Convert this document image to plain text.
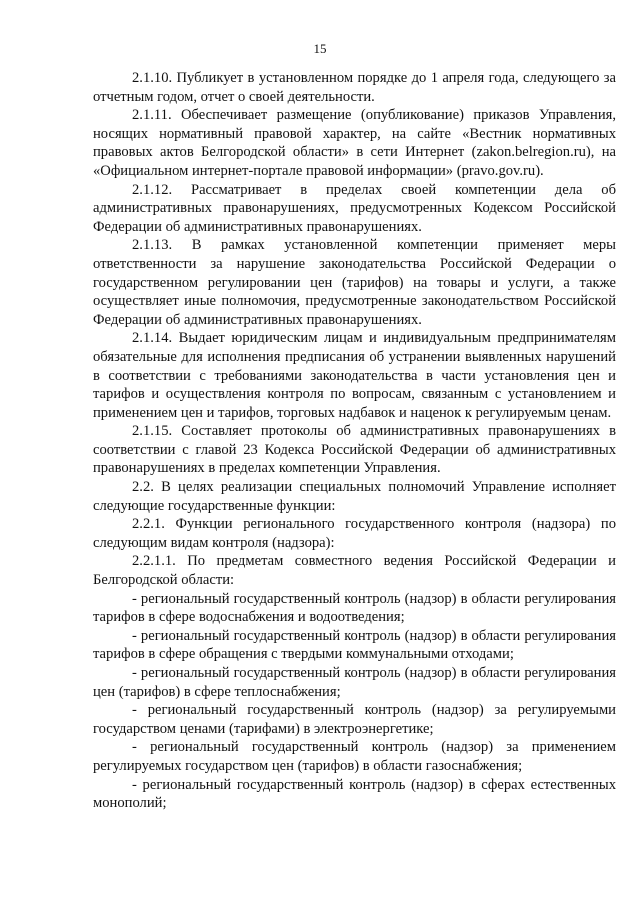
15

2.1.10. Публикует в установленном порядке до 1 апреля года, следующего за отчетным годом, отчет о своей деятельности.

2.1.11. Обеспечивает размещение (опубликование) приказов Управления, носящих нормативный правовой характер, на сайте «Вестник нормативных правовых актов Белгородской области» в сети Интернет (zakon.belregion.ru), на «Официальном интернет-портале правовой информации» (pravo.gov.ru).

2.1.12. Рассматривает в пределах своей компетенции дела об административных правонарушениях, предусмотренных Кодексом Российской Федерации об административных правонарушениях.

2.1.13. В рамках установленной компетенции применяет меры ответственности за нарушение законодательства Российской Федерации о государственном регулировании цен (тарифов) на товары и услуги, а также осуществляет иные полномочия, предусмотренные законодательством Российской Федерации об административных правонарушениях.

2.1.14. Выдает юридическим лицам и индивидуальным предпринимателям обязательные для исполнения предписания об устранении выявленных нарушений в соответствии с требованиями законодательства в части установления цен и тарифов и осуществления контроля по вопросам, связанным с установлением и применением цен и тарифов, торговых надбавок и наценок к регулируемым ценам.

2.1.15. Составляет протоколы об административных правонарушениях в соответствии с главой 23 Кодекса Российской Федерации об административных правонарушениях в пределах компетенции Управления.

2.2. В целях реализации специальных полномочий Управление исполняет следующие государственные функции:

2.2.1. Функции регионального государственного контроля (надзора) по следующим видам контроля (надзора):

2.2.1.1. По предметам совместного ведения Российской Федерации и Белгородской области:

- региональный государственный контроль (надзор) в области регулирования тарифов в сфере водоснабжения и водоотведения;

- региональный государственный контроль (надзор) в области регулирования тарифов в сфере обращения с твердыми коммунальными отходами;

- региональный государственный контроль (надзор) в области регулирования цен (тарифов) в сфере теплоснабжения;

- региональный государственный контроль (надзор) за регулируемыми государством ценами (тарифами) в электроэнергетике;

- региональный государственный контроль (надзор) за применением регулируемых государством цен (тарифов) в области газоснабжения;

- региональный государственный контроль (надзор) в сферах естественных монополий;
